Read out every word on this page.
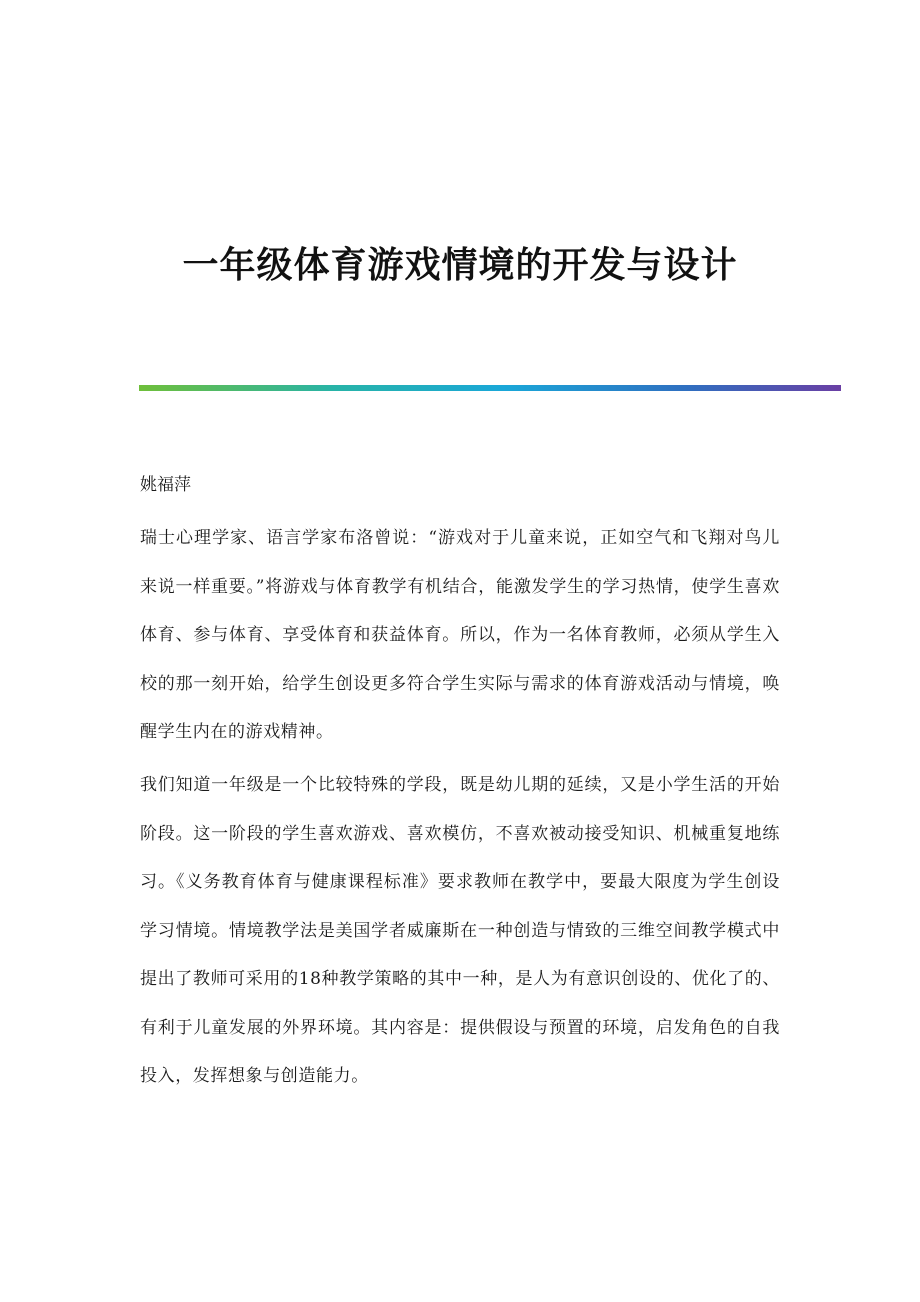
一年级体育游戏情境的开发与设计
姚福萍

瑞士心理学家、语言学家布洛曾说：“游戏对于儿童来说，正如空气和飞翔对鸟儿来说一样重要。”将游戏与体育教学有机结合，能激发学生的学习热情，使学生喜欢体育、参与体育、享受体育和获益体育。所以，作为一名体育教师，必须从学生入校的那一刻开始，给学生创设更多符合学生实际与需求的体育游戏活动与情境，唤醒学生内在的游戏精神。

我们知道一年级是一个比较特殊的学段，既是幼儿期的延续，又是小学生活的开始阶段。这一阶段的学生喜欢游戏、喜欢模仿，不喜欢被动接受知识、机械重复地练习。《义务教育体育与健康课程标准》要求教师在教学中，要最大限度为学生创设学习情境。情境教学法是美国学者威廉斯在一种创造与情致的三维空间教学模式中提出了教师可采用的18种教学策略的其中一种，是人为有意识创设的、优化了的、有利于儿童发展的外界环境。其内容是：提供假设与预置的环境，启发角色的自我投入，发挥想象与创造能力。
